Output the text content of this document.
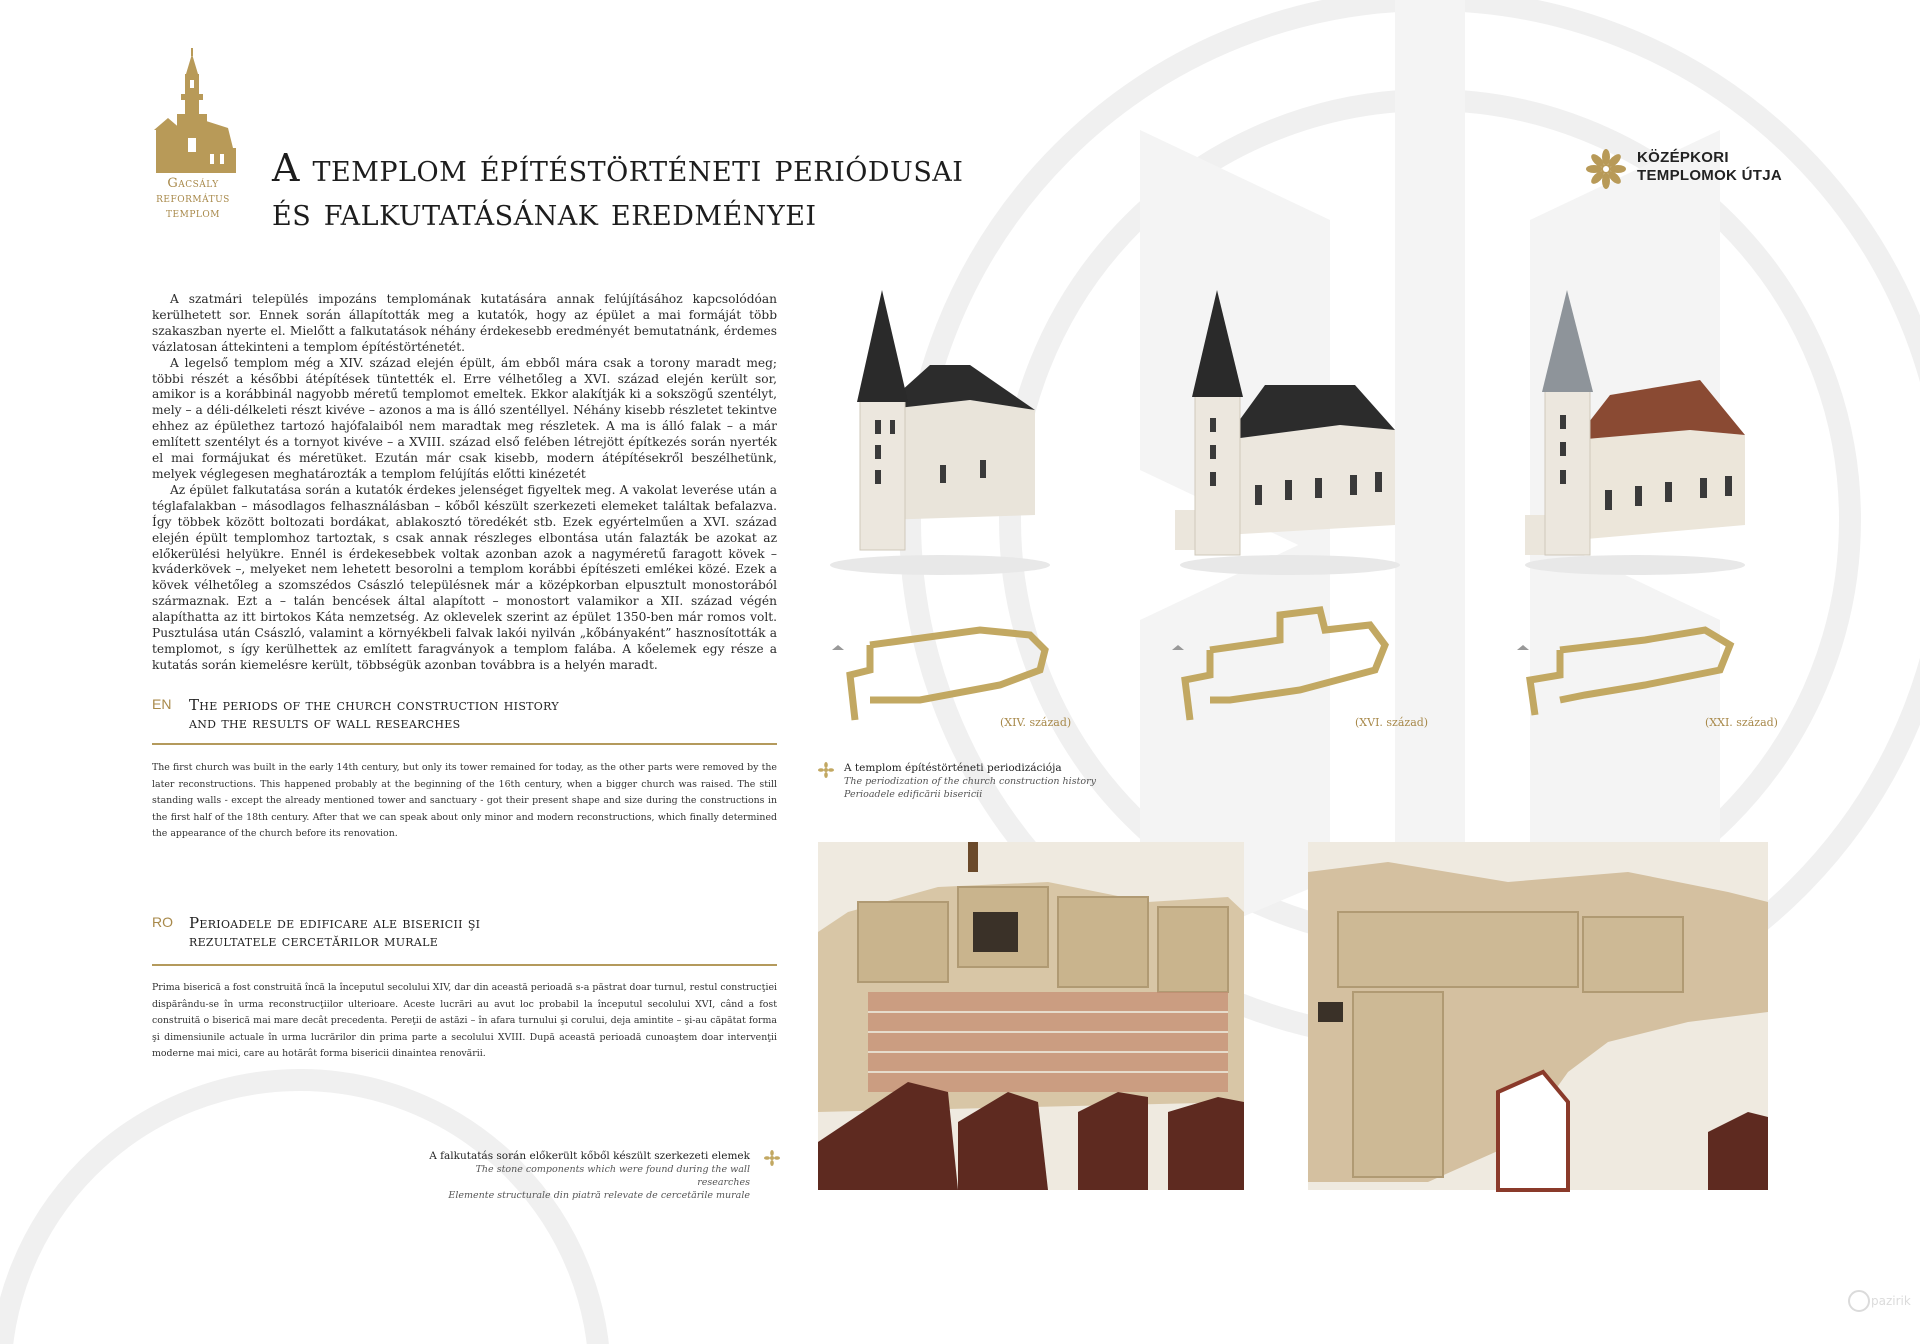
Gacsály
református
templom
A templom építéstörténeti periódusai
és falkutatásának eredményei
KÖZÉPKORI
TEMPLOMOK ÚTJA

A szatmári település impozáns templomának kutatására annak felújításához kapcsolódóan kerülhetett sor. Ennek során állapították meg a kutatók, hogy az épület a mai formáját több szakaszban nyerte el. Mielőtt a falkutatások néhány érdekesebb eredményét bemutatnánk, érdemes vázlatosan áttekinteni a templom építéstörténetét.

A legelső templom még a XIV. század elején épült, ám ebből mára csak a torony maradt meg; többi részét a későbbi átépítések tüntették el. Erre vélhetőleg a XVI. század elején került sor, amikor is a korábbinál nagyobb méretű templomot emeltek. Ekkor alakítják ki a sokszögű szentélyt, mely – a déli-délkeleti részt kivéve – azonos a ma is álló szentéllyel. Néhány kisebb részletet tekintve ehhez az épülethez tartozó hajófalaiból nem maradtak meg részletek. A ma is álló falak – a már említett szentélyt és a tornyot kivéve – a XVIII. század első felében létrejött építkezés során nyerték el mai formájukat és méretüket. Ezután már csak kisebb, modern átépítésekről beszélhetünk, melyek véglegesen meghatározták a templom felújítás előtti kinézetét

Az épület falkutatása során a kutatók érdekes jelenséget figyeltek meg. A vakolat leverése után a téglafalakban – másodlagos felhasználásban – kőből készült szerkezeti elemeket találtak befalazva. Így többek között boltozati bordákat, ablakosztó töredékét stb. Ezek egyértelműen a XVI. század elején épült templomhoz tartoztak, s csak annak részleges elbontása után falazták be azokat az előkerülési helyükre. Ennél is érdekesebbek voltak azonban azok a nagyméretű faragott kövek – kváderkövek –, melyeket nem lehetett besorolni a templom korábbi építészeti emlékei közé. Ezek a kövek vélhetőleg a szomszédos Császló településnek már a középkorban elpusztult monostorából származnak. Ezt a – talán bencések által alapított – monostort valamikor a XII. század végén alapíthatta az itt birtokos Káta nemzetség. Az oklevelek szerint az épület 1350-ben már romos volt. Pusztulása után Császló, valamint a környékbeli falvak lakói nyilván „kőbányaként” hasznosították a templomot, s így kerülhettek az említett faragványok a templom falába. A kőelemek egy része a kutatás során kiemelésre került, többségük azonban továbbra is a helyén maradt.

EN The periods of the church construction history
and the results of wall researches
The first church was built in the early 14th century, but only its tower remained for today, as the other parts were removed by the later reconstructions. This happened probably at the beginning of the 16th century, when a bigger church was raised. The still standing walls - except the already mentioned tower and sanctuary - got their present shape and size during the constructions in the first half of the 18th century. After that we can speak about only minor and modern reconstructions, which finally determined the appearance of the church before its renovation.
RO Perioadele de edificare ale bisericii şi
rezultatele cercetărilor murale
Prima biserică a fost construită încă la începutul secolului XIV, dar din această perioadă s-a păstrat doar turnul, restul construcţiei dispărându-se în urma reconstrucţiilor ulterioare. Aceste lucrări au avut loc probabil la începutul secolului XVI, când a fost construită o biserică mai mare decât precedenta. Pereţii de astăzi – în afara turnului şi corului, deja amintite – şi-au căpătat forma şi dimensiunile actuale în urma lucrărilor din prima parte a secolului XVIII. După această perioadă cunoaştem doar intervenţii moderne mai mici, care au hotărât forma bisericii dinaintea renovării.
A falkutatás során előkerült kőből készült szerkezeti elemek
The stone components which were found during the wall researches
Elemente structurale din piatră relevate de cercetările murale
(XIV. század)	(XVI. század)	(XXI. század)
A templom építéstörténeti periodizációja
The periodization of the church construction history
Perioadele edificării bisericii
pazirik
